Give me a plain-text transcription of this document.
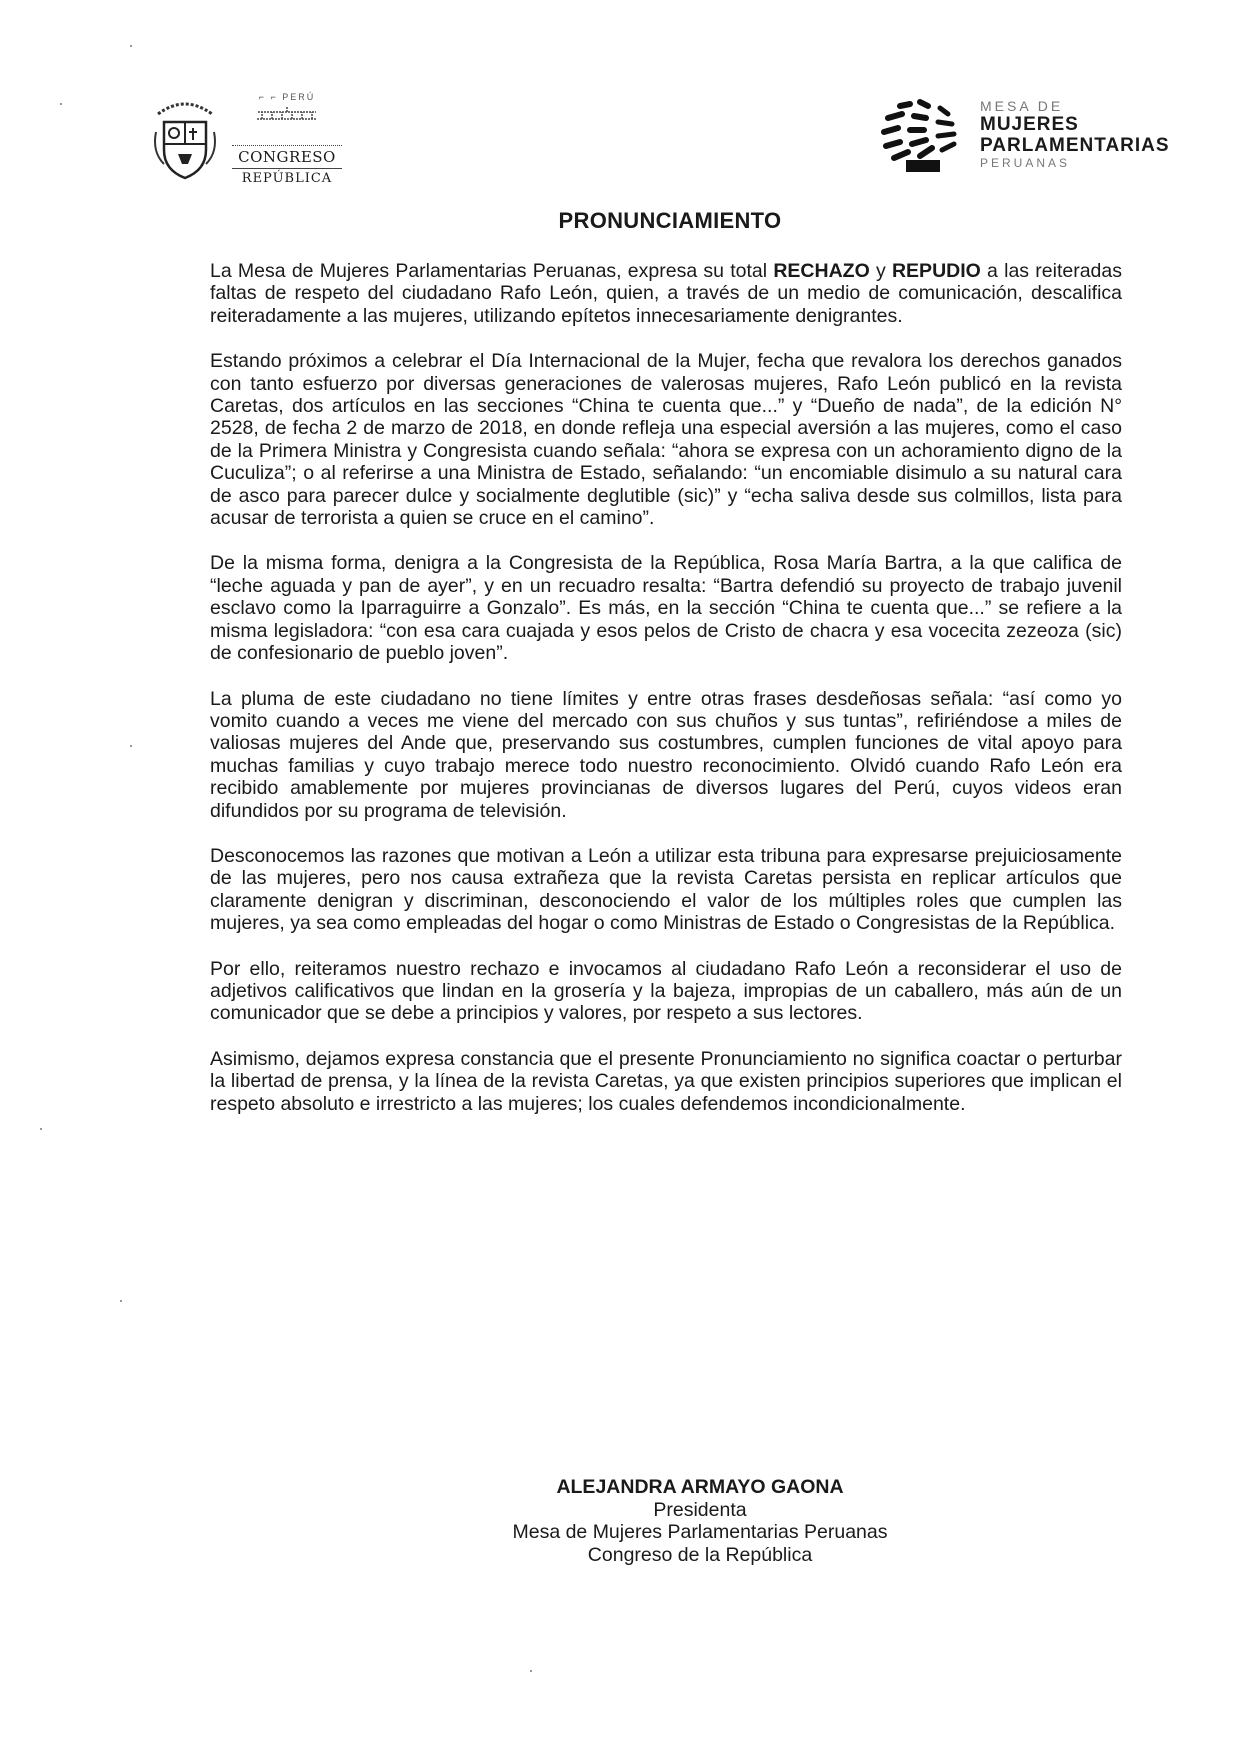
⌐ ⌐ PERÚ
CONGRESO
REPÚBLICA
MESA DE
MUJERES
PARLAMENTARIAS
PERUANAS
PRONUNCIAMIENTO

La Mesa de Mujeres Parlamentarias Peruanas, expresa su total RECHAZO y REPUDIO a las reiteradas faltas de respeto del ciudadano Rafo León, quien, a través de un medio de comunicación, descalifica reiteradamente a las mujeres, utilizando epítetos innecesariamente denigrantes.

Estando próximos a celebrar el Día Internacional de la Mujer, fecha que revalora los derechos ganados con tanto esfuerzo por diversas generaciones de valerosas mujeres, Rafo León publicó en la revista Caretas, dos artículos en las secciones “China te cuenta que...” y “Dueño de nada”, de la edición N° 2528, de fecha 2 de marzo de 2018, en donde refleja una especial aversión a las mujeres, como el caso de la Primera Ministra y Congresista cuando señala: “ahora se expresa con un achoramiento digno de la Cuculiza”; o al referirse a una Ministra de Estado, señalando: “un encomiable disimulo a su natural cara de asco para parecer dulce y socialmente deglutible (sic)” y “echa saliva desde sus colmillos, lista para acusar de terrorista a quien se cruce en el camino”.

De la misma forma, denigra a la Congresista de la República, Rosa María Bartra, a la que califica de “leche aguada y pan de ayer”, y en un recuadro resalta: “Bartra defendió su proyecto de trabajo juvenil esclavo como la Iparraguirre a Gonzalo”. Es más, en la sección “China te cuenta que...” se refiere a la misma legisladora: “con esa cara cuajada y esos pelos de Cristo de chacra y esa vocecita zezeoza (sic) de confesionario de pueblo joven”.

La pluma de este ciudadano no tiene límites y entre otras frases desdeñosas señala: “así como yo vomito cuando a veces me viene del mercado con sus chuños y sus tuntas”, refiriéndose a miles de valiosas mujeres del Ande que, preservando sus costumbres, cumplen funciones de vital apoyo para muchas familias y cuyo trabajo merece todo nuestro reconocimiento. Olvidó cuando Rafo León era recibido amablemente por mujeres provincianas de diversos lugares del Perú, cuyos videos eran difundidos por su programa de televisión.

Desconocemos las razones que motivan a León a utilizar esta tribuna para expresarse prejuiciosamente de las mujeres, pero nos causa extrañeza que la revista Caretas persista en replicar artículos que claramente denigran y discriminan, desconociendo el valor de los múltiples roles que cumplen las mujeres, ya sea como empleadas del hogar o como Ministras de Estado o Congresistas de la República.

Por ello, reiteramos nuestro rechazo e invocamos al ciudadano Rafo León a reconsiderar el uso de adjetivos calificativos que lindan en la grosería y la bajeza, impropias de un caballero, más aún de un comunicador que se debe a principios y valores, por respeto a sus lectores.

Asimismo, dejamos expresa constancia que el presente Pronunciamiento no significa coactar o perturbar la libertad de prensa, y la línea de la revista Caretas, ya que existen principios superiores que implican el respeto absoluto e irrestricto a las mujeres; los cuales defendemos incondicionalmente.

ALEJANDRA ARMAYO GAONA
Presidenta
Mesa de Mujeres Parlamentarias Peruanas
Congreso de la República
